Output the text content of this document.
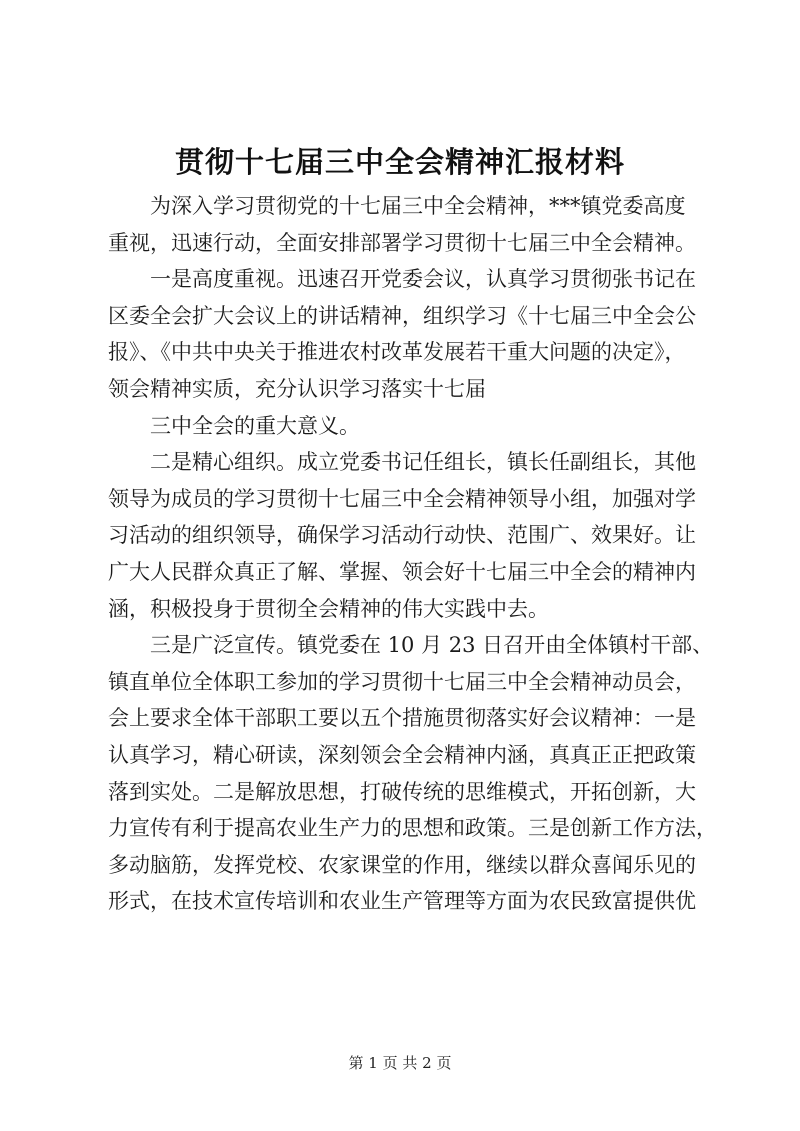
贯彻十七届三中全会精神汇报材料
为深入学习贯彻党的十七届三中全会精神，***镇党委高度
重视，迅速行动，全面安排部署学习贯彻十七届三中全会精神。
一是高度重视。迅速召开党委会议，认真学习贯彻张书记在
区委全会扩大会议上的讲话精神，组织学习《十七届三中全会公
报》、《中共中央关于推进农村改革发展若干重大问题的决定》，
领会精神实质，充分认识学习落实十七届
三中全会的重大意义。
二是精心组织。成立党委书记任组长，镇长任副组长，其他
领导为成员的学习贯彻十七届三中全会精神领导小组，加强对学
习活动的组织领导，确保学习活动行动快、范围广、效果好。让
广大人民群众真正了解、掌握、领会好十七届三中全会的精神内
涵，积极投身于贯彻全会精神的伟大实践中去。
三是广泛宣传。镇党委在 10 月 23 日召开由全体镇村干部、
镇直单位全体职工参加的学习贯彻十七届三中全会精神动员会，
会上要求全体干部职工要以五个措施贯彻落实好会议精神：一是
认真学习，精心研读，深刻领会全会精神内涵，真真正正把政策
落到实处。二是解放思想，打破传统的思维模式，开拓创新，大
力宣传有利于提高农业生产力的思想和政策。三是创新工作方法，
多动脑筋，发挥党校、农家课堂的作用，继续以群众喜闻乐见的
形式，在技术宣传培训和农业生产管理等方面为农民致富提供优
第 1 页 共 2 页
